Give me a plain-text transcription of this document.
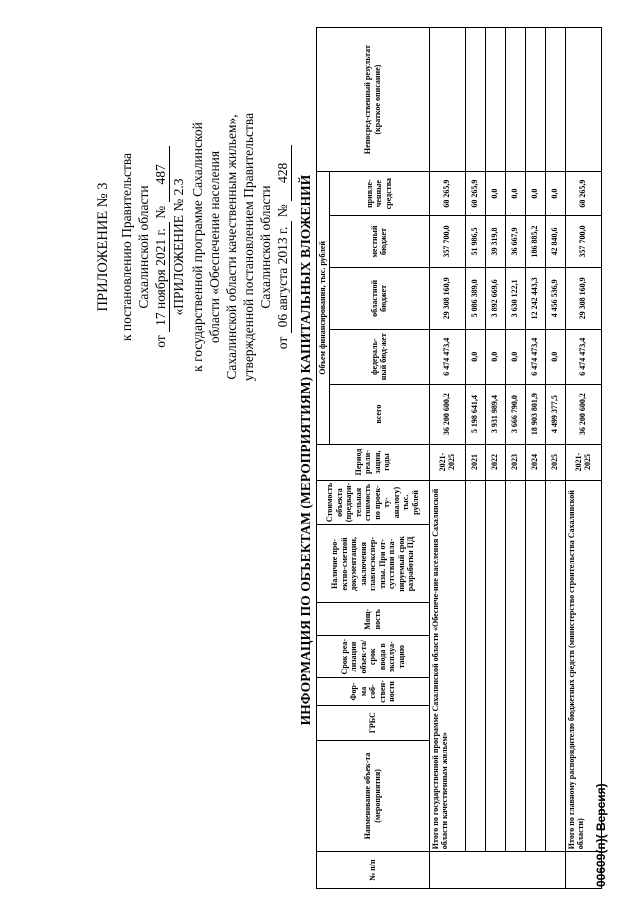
ПРИЛОЖЕНИЕ № 3 к постановлению Правительства Сахалинской области
от 17 ноября 2021 г. № 487
«ПРИЛОЖЕНИЕ № 2.3 к государственной программе Сахалинской области «Обеспечение населения Сахалинской области качественным жильем», утвержденной постановлением Правительства Сахалинской области
от 06 августа 2013 г. № 428
ИНФОРМАЦИЯ ПО ОБЪЕКТАМ (МЕРОПРИЯТИЯМ) КАПИТАЛЬНЫХ ВЛОЖЕНИЙ
№ п/п	Наименование объек-та (мероприятия)	ГРБС	Фор-ма соб-ствен-ности	Срок реа-лизации объек-та/срок ввода в эксплуа-тацию	Мощ-ность	Наличие про-ектно-сметной документации, заключения главгосэкспер-тизы. При от-сутствии пла-нируемый срок разработки ПД	Стоимость объекта (предвари-тельная стоимость по проек-ту-аналогу) тыс. рублей	Период реали-зации, годы	Объем финансирования, тыс. рублей					Непосред-ственный результат (краткое описание)
									всего	федераль-ный бюд-жет	областной бюджет	местный бюджет	привле-ченные средства	
	Итого по государственной программе Сахалинской области «Обеспече-ние населения Сахалинской области качественным жильем»							2021-2025	36 200 600,2	6 474 473,4	29 308 160,9	357 700,0	60 265,9	
								2021	5 198 641,4	0,0	5 086 389,0	51 986,5	60 265,9	
								2022	3 931 989,4	0,0	3 892 669,6	39 319,8	0,0	
								2023	3 666 790,0	0,0	3 630 122,1	36 667,9	0,0	
								2024	18 903 801,9	6 474 473,4	12 242 443,3	186 885,2	0,0	
								2025	4 499 377,5	0,0	4 456 536,9	42 840,6	0,0	
	Итого по главному распорядителю бюджетных средств (министерство строительства Сахалинской области)							2021-2025	36 200 600,2	6 474 473,4	29 308 160,9	357 700,0	60 265,9	
00609(п)( Версия)
